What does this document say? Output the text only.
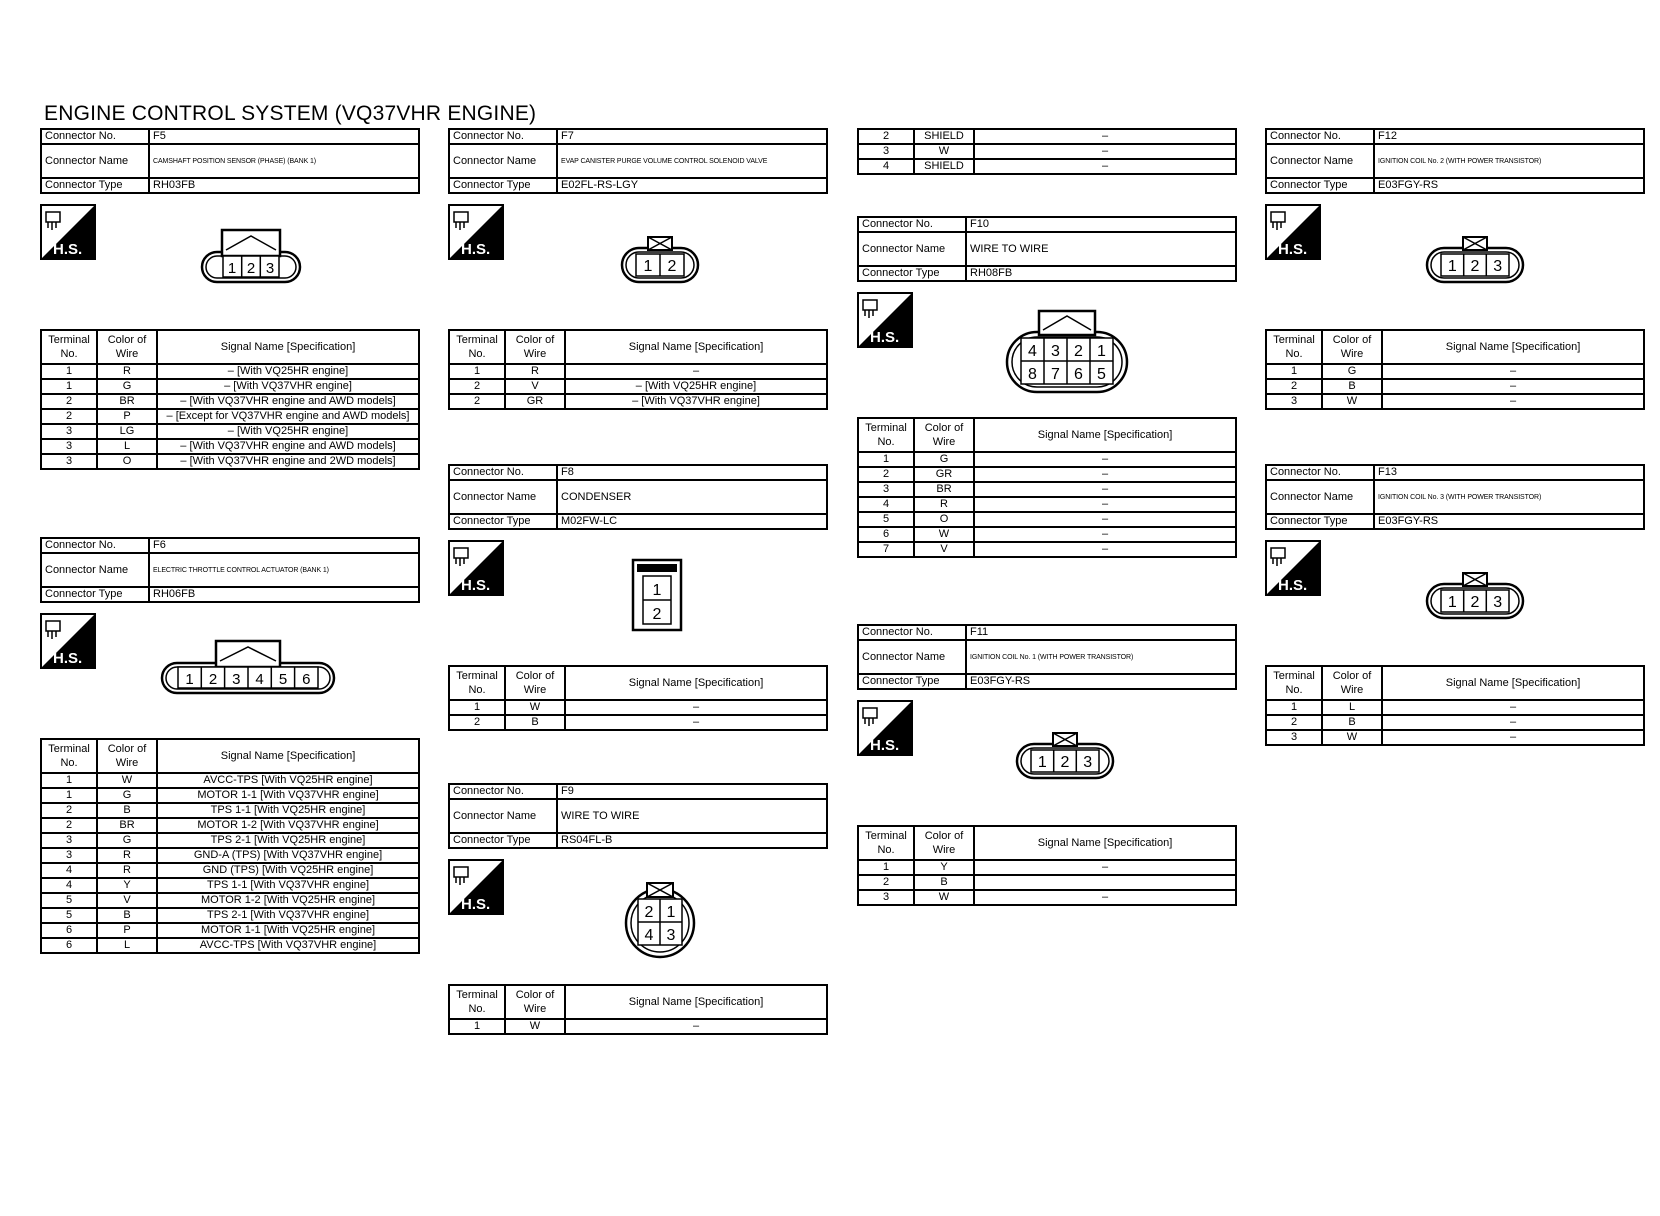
ENGINE CONTROL SYSTEM (VQ37VHR ENGINE)
Connector No.	F5
Connector Name	CAMSHAFT POSITION SENSOR (PHASE) (BANK 1)
Connector Type	RH03FB
H.S.
1 2 3
Terminal No.	Color of Wire	Signal Name [Specification]
1	R	– [With VQ25HR engine]
1	G	– [With VQ37VHR engine]
2	BR	– [With VQ37VHR engine and AWD models]
2	P	– [Except for VQ37VHR engine and AWD models]
3	LG	– [With VQ25HR engine]
3	L	– [With VQ37VHR engine and AWD models]
3	O	– [With VQ37VHR engine and 2WD models]
Connector No.	F6
Connector Name	ELECTRIC THROTTLE CONTROL ACTUATOR (BANK 1)
Connector Type	RH06FB
H.S.
1 2 3 4 5 6
Terminal No.	Color of Wire	Signal Name [Specification]
1	W	AVCC-TPS [With VQ25HR engine]
1	G	MOTOR 1-1 [With VQ37VHR engine]
2	B	TPS 1-1 [With VQ25HR engine]
2	BR	MOTOR 1-2 [With VQ37VHR engine]
3	G	TPS 2-1 [With VQ25HR engine]
3	R	GND-A (TPS) [With VQ37VHR engine]
4	R	GND (TPS) [With VQ25HR engine]
4	Y	TPS 1-1 [With VQ37VHR engine]
5	V	MOTOR 1-2 [With VQ25HR engine]
5	B	TPS 2-1 [With VQ37VHR engine]
6	P	MOTOR 1-1 [With VQ25HR engine]
6	L	AVCC-TPS [With VQ37VHR engine]
Connector No.	F7
Connector Name	EVAP CANISTER PURGE VOLUME CONTROL SOLENOID VALVE
Connector Type	E02FL-RS-LGY
H.S.
1 2
Terminal No.	Color of Wire	Signal Name [Specification]
1	R	–
2	V	– [With VQ25HR engine]
2	GR	– [With VQ37VHR engine]
Connector No.	F8
Connector Name	CONDENSER
Connector Type	M02FW-LC
H.S.	1
2
Terminal No.	Color of Wire	Signal Name [Specification]
1	W	–
2	B	–
Connector No.	F9
Connector Name	WIRE TO WIRE
Connector Type	RS04FL-B
H.S.	2 1
4 3
Terminal No.	Color of Wire	Signal Name [Specification]
1	W	–
2	SHIELD	–
3	W	–
4	SHIELD	–
Connector No.	F10
Connector Name	WIRE TO WIRE
Connector Type	RH08FB
H.S.
4 3 2 1
8 7 6 5
Terminal No.	Color of Wire	Signal Name [Specification]
1	G	–
2	GR	–
3	BR	–
4	R	–
5	O	–
6	W	–
7	V	–
Connector No.	F11
Connector Name	IGNITION COIL No. 1 (WITH POWER TRANSISTOR)
Connector Type	E03FGY-RS
H.S.
1 2 3
Terminal No.	Color of Wire	Signal Name [Specification]
1	Y	–
2	B	
3	W	–
Connector No.	F12
Connector Name	IGNITION COIL No. 2 (WITH POWER TRANSISTOR)
Connector Type	E03FGY-RS
H.S.
1 2 3
Terminal No.	Color of Wire	Signal Name [Specification]
1	G	–
2	B	–
3	W	–
Connector No.	F13
Connector Name	IGNITION COIL No. 3 (WITH POWER TRANSISTOR)
Connector Type	E03FGY-RS
H.S.
1 2 3
Terminal No.	Color of Wire	Signal Name [Specification]
1	L	–
2	B	–
3	W	–
